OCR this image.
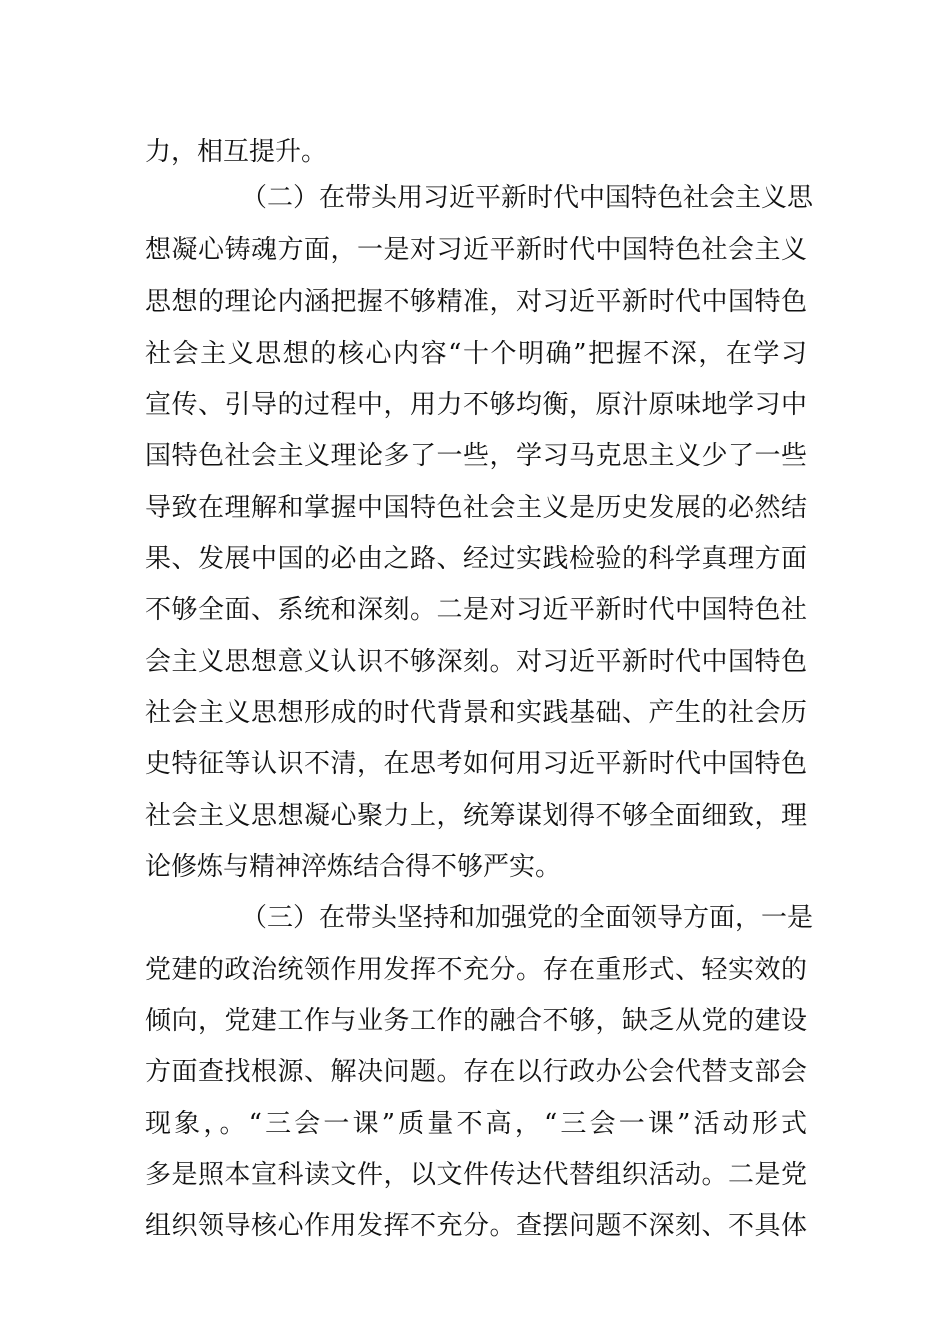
力，相互提升。
（二）在带头用习近平新时代中国特色社会主义思
想凝心铸魂方面，一是对习近平新时代中国特色社会主义
思想的理论内涵把握不够精准，对习近平新时代中国特色
社会主义思想的核心内容“十个明确”把握不深，在学习
宣传、引导的过程中，用力不够均衡，原汁原味地学习中
国特色社会主义理论多了一些，学习马克思主义少了一些
导致在理解和掌握中国特色社会主义是历史发展的必然结
果、发展中国的必由之路、经过实践检验的科学真理方面
不够全面、系统和深刻。二是对习近平新时代中国特色社
会主义思想意义认识不够深刻。对习近平新时代中国特色
社会主义思想形成的时代背景和实践基础、产生的社会历
史特征等认识不清，在思考如何用习近平新时代中国特色
社会主义思想凝心聚力上，统筹谋划得不够全面细致，理
论修炼与精神淬炼结合得不够严实。
（三）在带头坚持和加强党的全面领导方面，一是
党建的政治统领作用发挥不充分。存在重形式、轻实效的
倾向，党建工作与业务工作的融合不够，缺乏从党的建设
方面查找根源、解决问题。存在以行政办公会代替支部会
现象，。“三会一课”质量不高，“三会一课”活动形式
多是照本宣科读文件，以文件传达代替组织活动。二是党
组织领导核心作用发挥不充分。查摆问题不深刻、不具体
